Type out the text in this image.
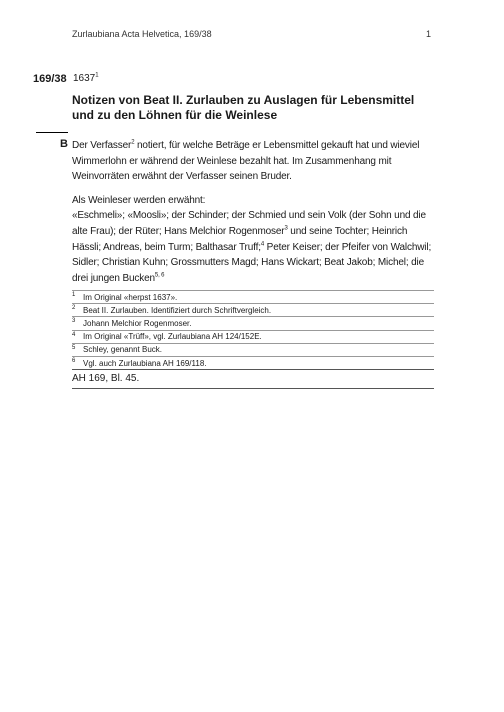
Zurlaubiana Acta Helvetica, 169/38	1
169/38 1637$^1$
Notizen von Beat II. Zurlauben zu Auslagen für Lebensmittel und zu den Löhnen für die Weinlese
B Der Verfasser$^2$ notiert, für welche Beträge er Lebensmittel gekauft hat und wieviel Wimmerlohn er während der Weinlese bezahlt hat. Im Zusammenhang mit Weinvorräten erwähnt der Verfasser seinen Bruder.

Als Weinleser werden erwähnt:

«Eschmeli»; «Moosli»; der Schinder; der Schmied und sein Volk (der Sohn und die alte Frau); der Rüter; Hans Melchior Rogenmoser$^3$ und seine Tochter; Heinrich Hässli; Andreas, beim Turm; Balthasar Truff;$^4$ Peter Keiser; der Pfeifer von Walchwil; Sidler; Christian Kuhn; Grossmutters Magd; Hans Wickart; Beat Jakob; Michel; die drei jungen Bucken$^{5, 6}$

1 Im Original «herpst 1637».
2 Beat II. Zurlauben. Identifiziert durch Schriftvergleich.
3 Johann Melchior Rogenmoser.
4 Im Original «Trüff», vgl. Zurlaubiana AH 124/152E.
5 Schley, genannt Buck.
6 Vgl. auch Zurlaubiana AH 169/118.
AH 169, Bl. 45.
